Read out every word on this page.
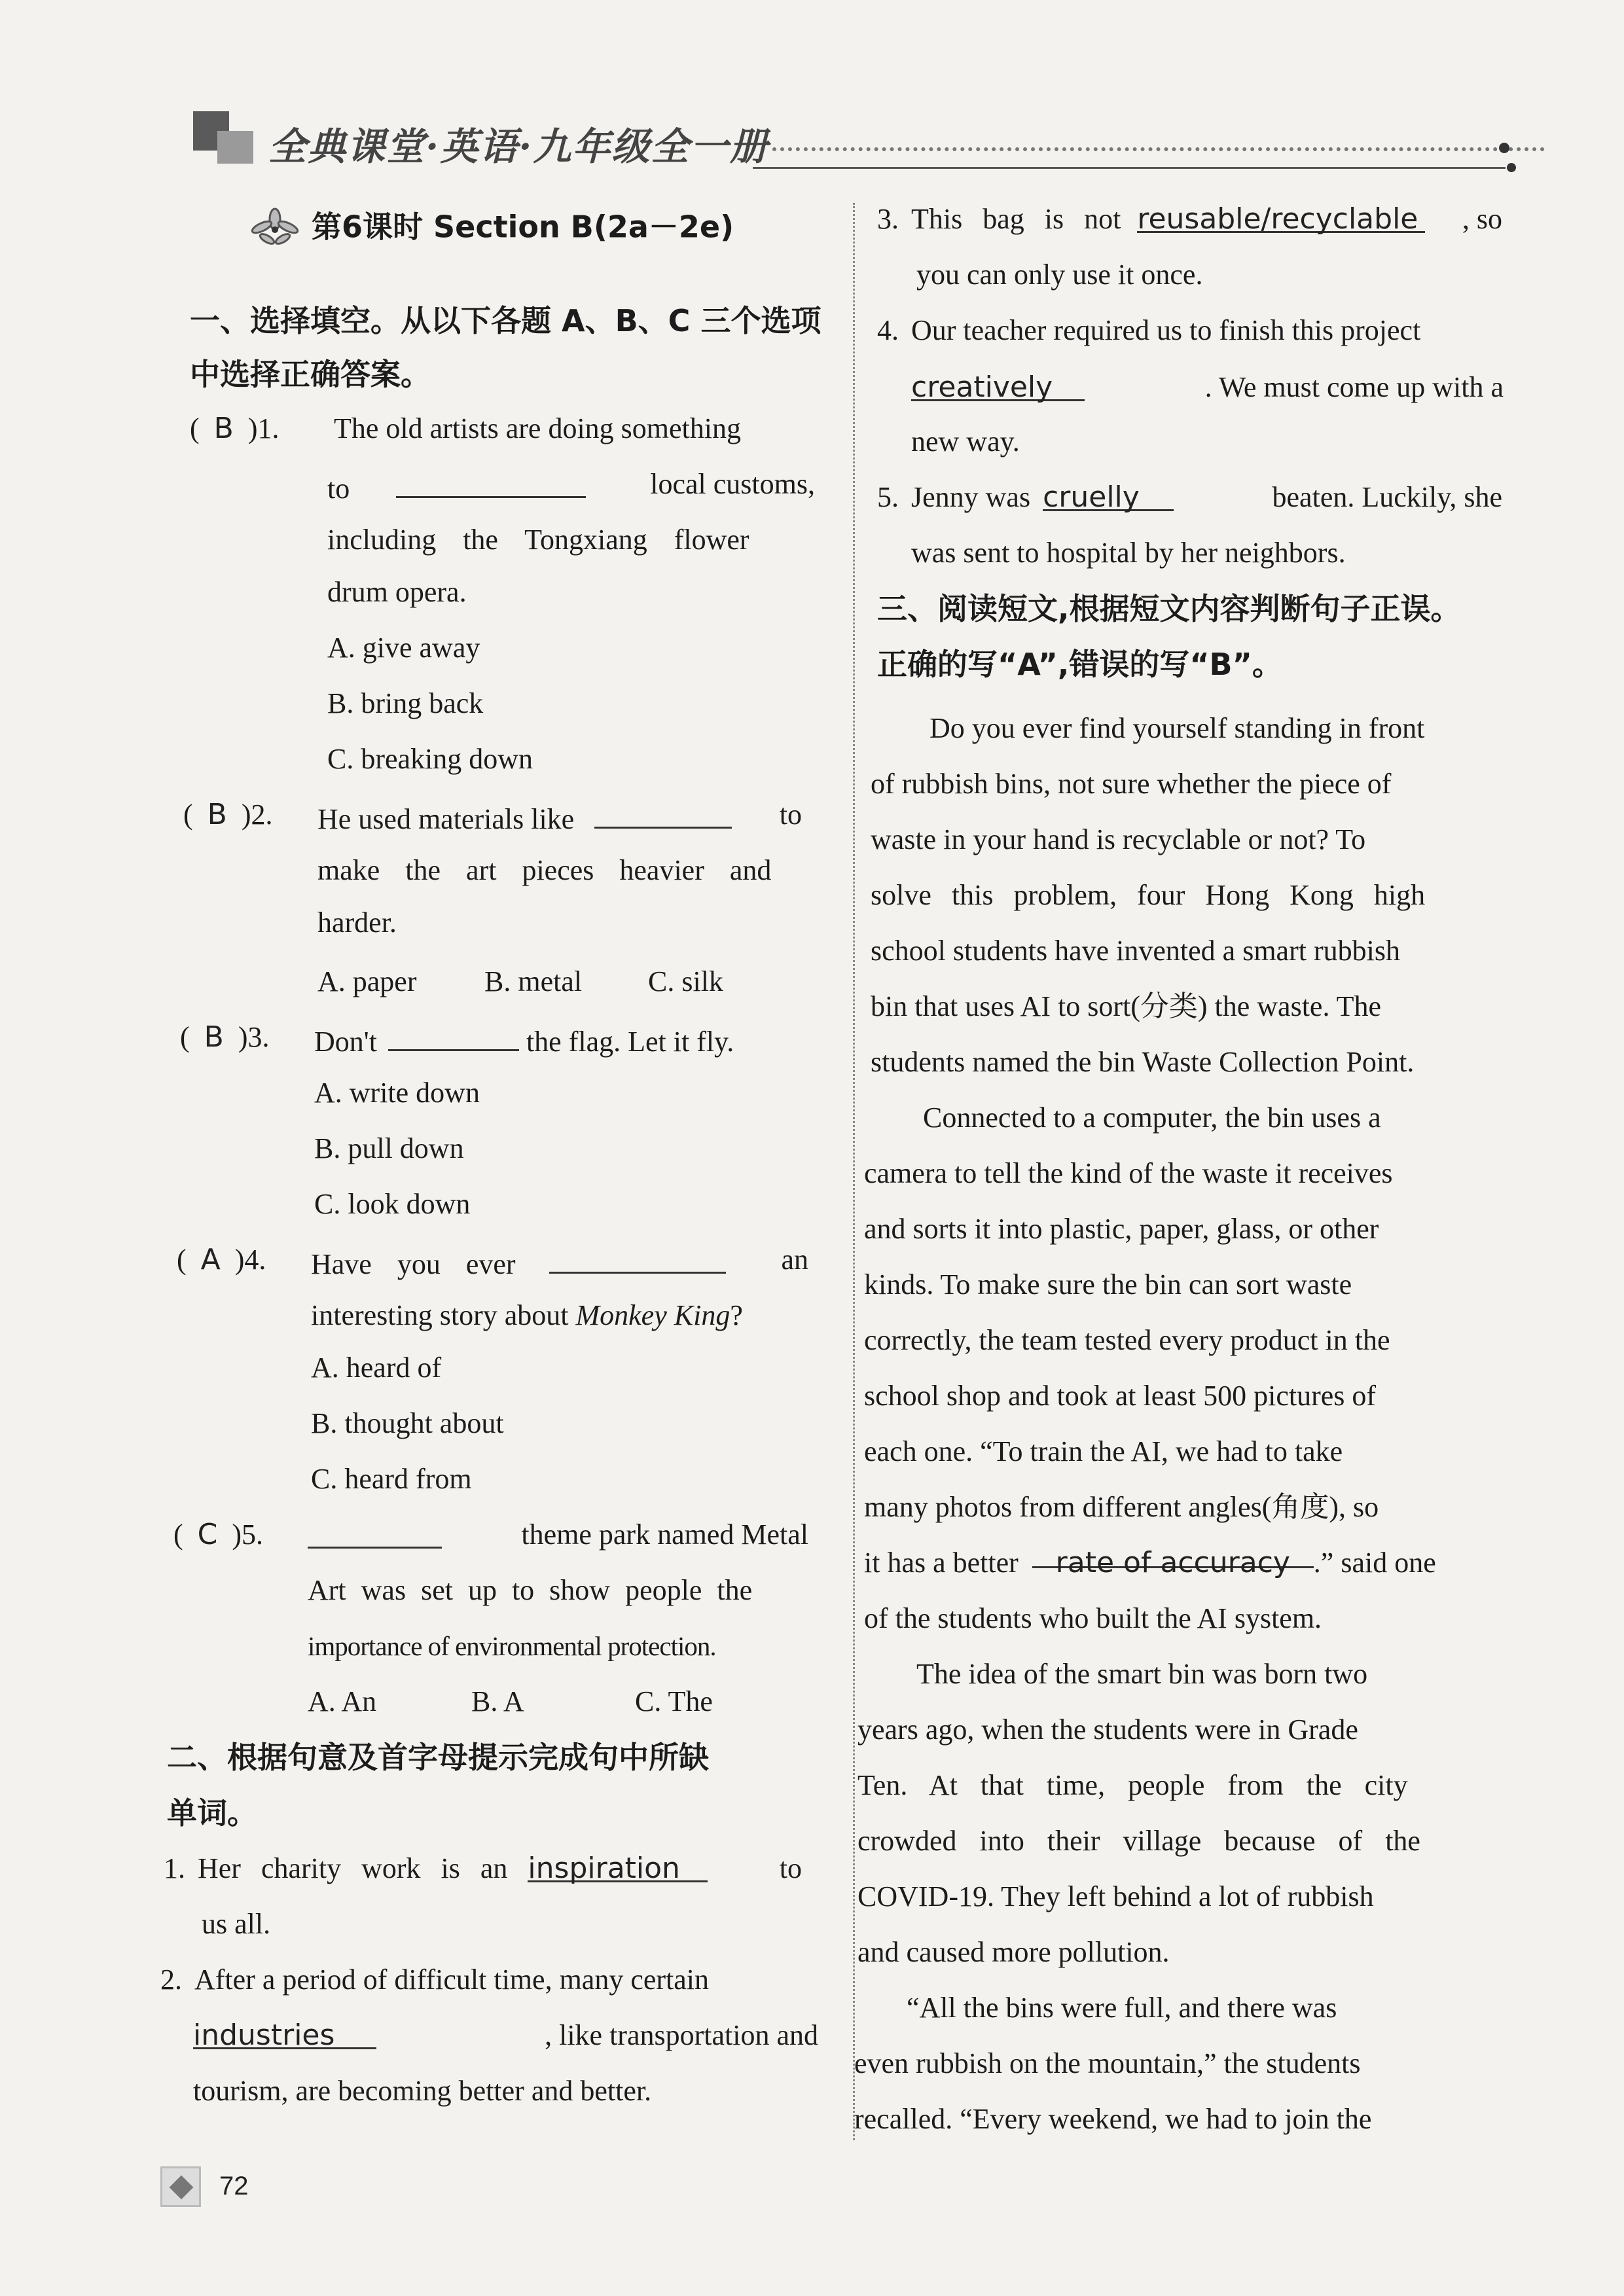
全典课堂·英语·九年级全一册
第6课时 Section B(2a－2e)
一、选择填空。从以下各题 A、B、C 三个选项
中选择正确答案。
(  B )1. The old artists are doing something
to	local customs,
including the Tongxiang flower
drum opera.
A. give away
B. bring back
C. breaking down
(  B )2. He used materials like	to
make the art pieces heavier and
harder.
A. paper B. metal C. silk
(  B )3. Don't	the flag. Let it fly.
A. write down
B. pull down
C. look down
(  A )4. Have you ever	an
interesting story about Monkey King?
A. heard of
B. thought about
C. heard from
(  C )5.	theme park named Metal
Art was set up to show people the
importance of environmental protection.
A. An	B. A	C. The
二、根据句意及首字母提示完成句中所缺
单词。
1. Her charity work is an inspiration	to
us all.
2. After a period of difficult time, many certain
industries	, like transportation and
tourism, are becoming better and better.
3. This bag is not reusable/recyclable , so
you can only use it once.
4. Our teacher required us to finish this project
creatively	. We must come up with a
new way.
5. Jenny was cruelly	beaten. Luckily, she
was sent to hospital by her neighbors.
三、阅读短文,根据短文内容判断句子正误。
正确的写“A”,错误的写“B”。
Do you ever find yourself standing in front
of rubbish bins, not sure whether the piece of
waste in your hand is recyclable or not? To
solve this problem, four Hong Kong high
school students have invented a smart rubbish
bin that uses AI to sort(分类) the waste. The
students named the bin Waste Collection Point.
Connected to a computer, the bin uses a
camera to tell the kind of the waste it receives
and sorts it into plastic, paper, glass, or other
kinds. To make sure the bin can sort waste
correctly, the team tested every product in the
school shop and took at least 500 pictures of
each one. “To train the AI, we had to take
many photos from different angles(角度), so
it has a better rate of accuracy .” said one
of the students who built the AI system.
The idea of the smart bin was born two
years ago, when the students were in Grade
Ten. At that time, people from the city
crowded into their village because of the
COVID-19. They left behind a lot of rubbish
and caused more pollution.
“All the bins were full, and there was
even rubbish on the mountain,” the students
recalled. “Every weekend, we had to join the
72
